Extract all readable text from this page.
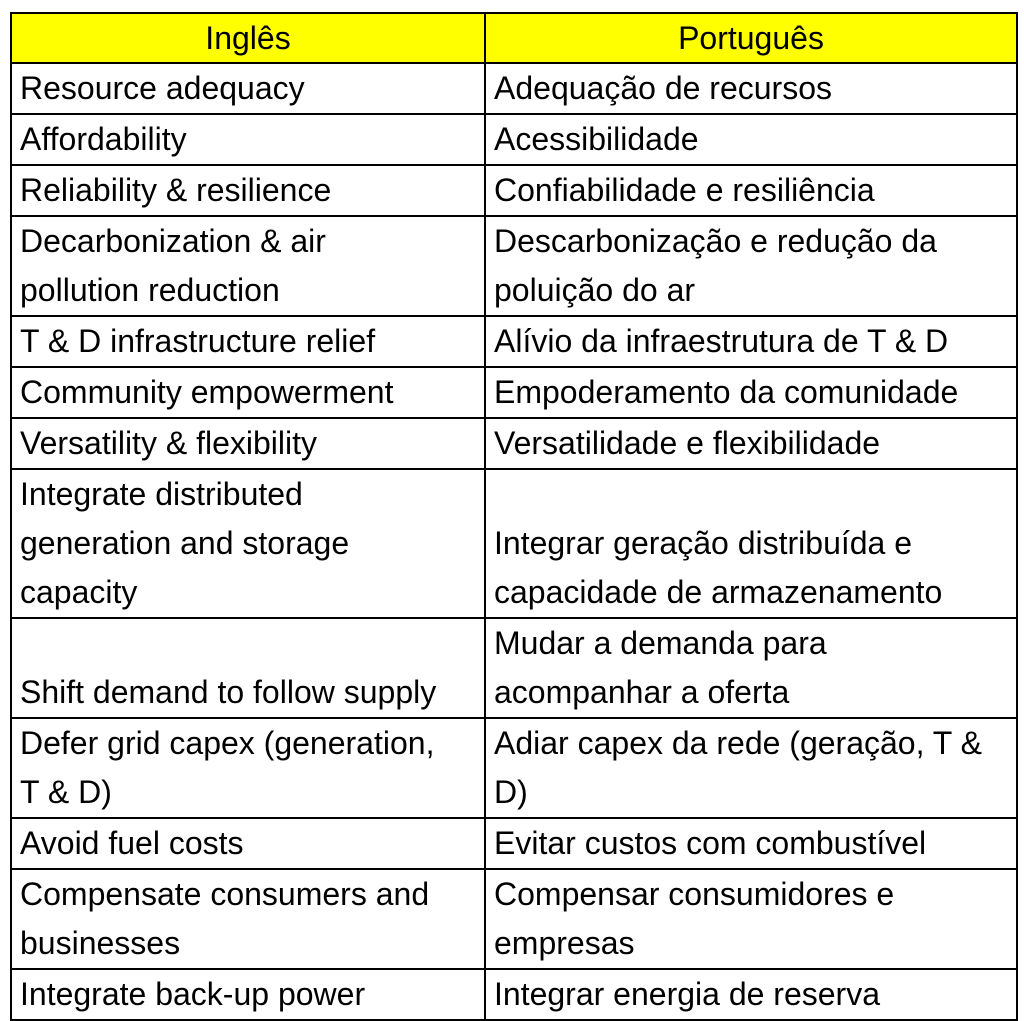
Inglês	Português

Resource adequacy	Adequação de recursos

Affordability	Acessibilidade

Reliability & resilience	Confiabilidade e resiliência

Decarbonization & air
pollution reduction	Descarbonização e redução da
poluição do ar

T & D infrastructure relief	Alívio da infraestrutura de T & D

Community empowerment	Empoderamento da comunidade

Versatility & flexibility	Versatilidade e flexibilidade

Integrate distributed
generation and storage
capacity	Integrar geração distribuída e
capacidade de armazenamento

Shift demand to follow supply	Mudar a demanda para
acompanhar a oferta

Defer grid capex (generation,
T & D)	Adiar capex da rede (geração, T &
D)

Avoid fuel costs	Evitar custos com combustível

Compensate consumers and
businesses	Compensar consumidores e
empresas

Integrate back-up power	Integrar energia de reserva
